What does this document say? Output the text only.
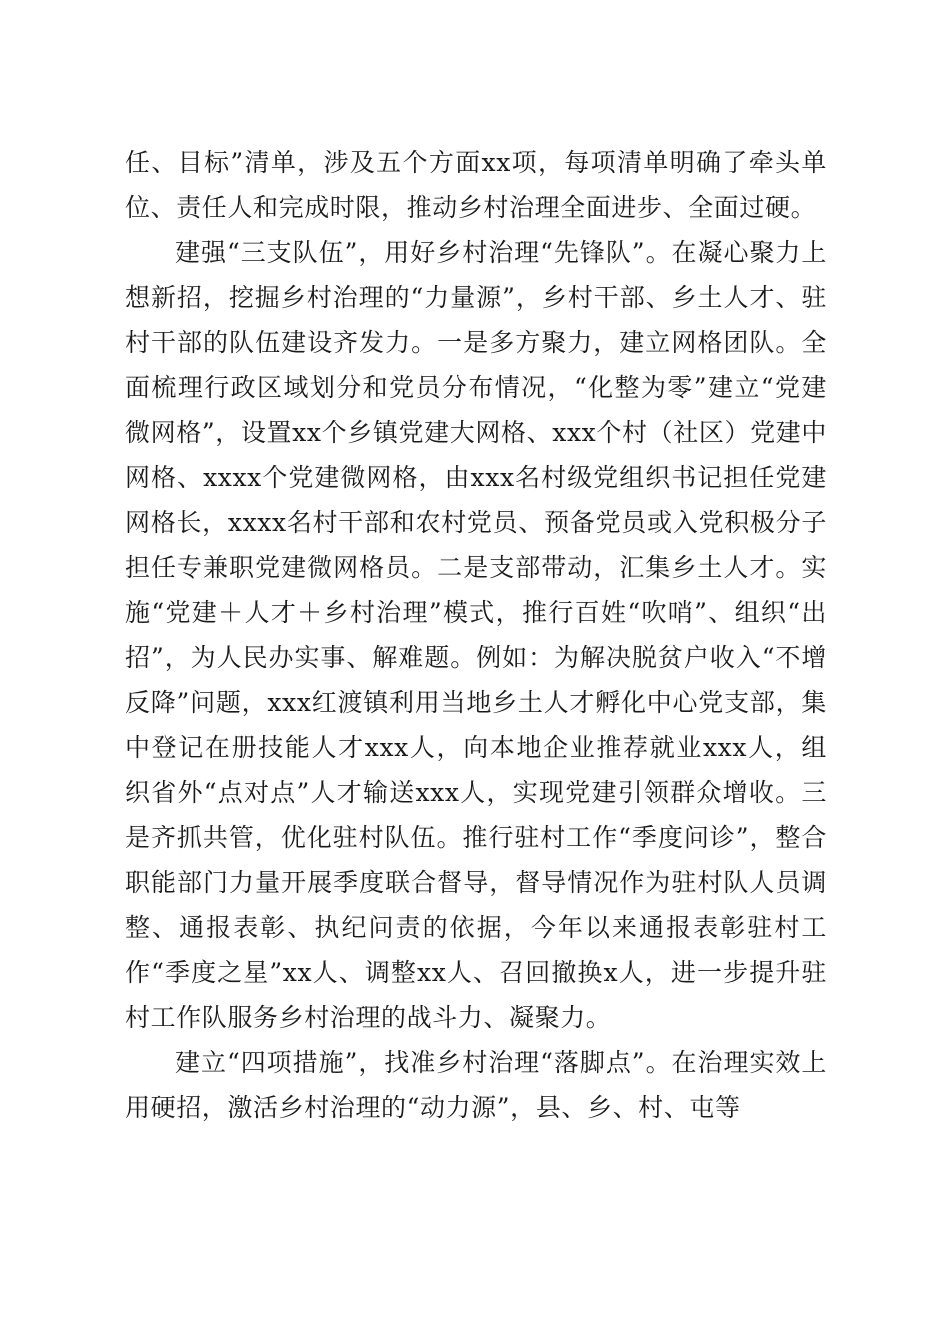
任、目标”清单，涉及五个方面xx项，每项清单明确了牵头单位、责任人和完成时限，推动乡村治理全面进步、全面过硬。

建强“三支队伍”，用好乡村治理“先锋队”。在凝心聚力上想新招，挖掘乡村治理的“力量源”，乡村干部、乡土人才、驻村干部的队伍建设齐发力。一是多方聚力，建立网格团队。全面梳理行政区域划分和党员分布情况，“化整为零”建立“党建微网格”，设置xx个乡镇党建大网格、xxx个村（社区）党建中网格、xxxx个党建微网格，由xxx名村级党组织书记担任党建网格长，xxxx名村干部和农村党员、预备党员或入党积极分子担任专兼职党建微网格员。二是支部带动，汇集乡土人才。实施“党建＋人才＋乡村治理”模式，推行百姓“吹哨”、组织“出招”，为人民办实事、解难题。例如：为解决脱贫户收入“不增反降”问题，xxx红渡镇利用当地乡土人才孵化中心党支部，集中登记在册技能人才xxx人，向本地企业推荐就业xxx人，组织省外“点对点”人才输送xxx人，实现党建引领群众增收。三是齐抓共管，优化驻村队伍。推行驻村工作“季度问诊”，整合职能部门力量开展季度联合督导，督导情况作为驻村队人员调整、通报表彰、执纪问责的依据，今年以来通报表彰驻村工作“季度之星”xx人、调整xx人、召回撤换x人，进一步提升驻村工作队服务乡村治理的战斗力、凝聚力。

建立“四项措施”，找准乡村治理“落脚点”。在治理实效上用硬招，激活乡村治理的“动力源”，县、乡、村、屯等
